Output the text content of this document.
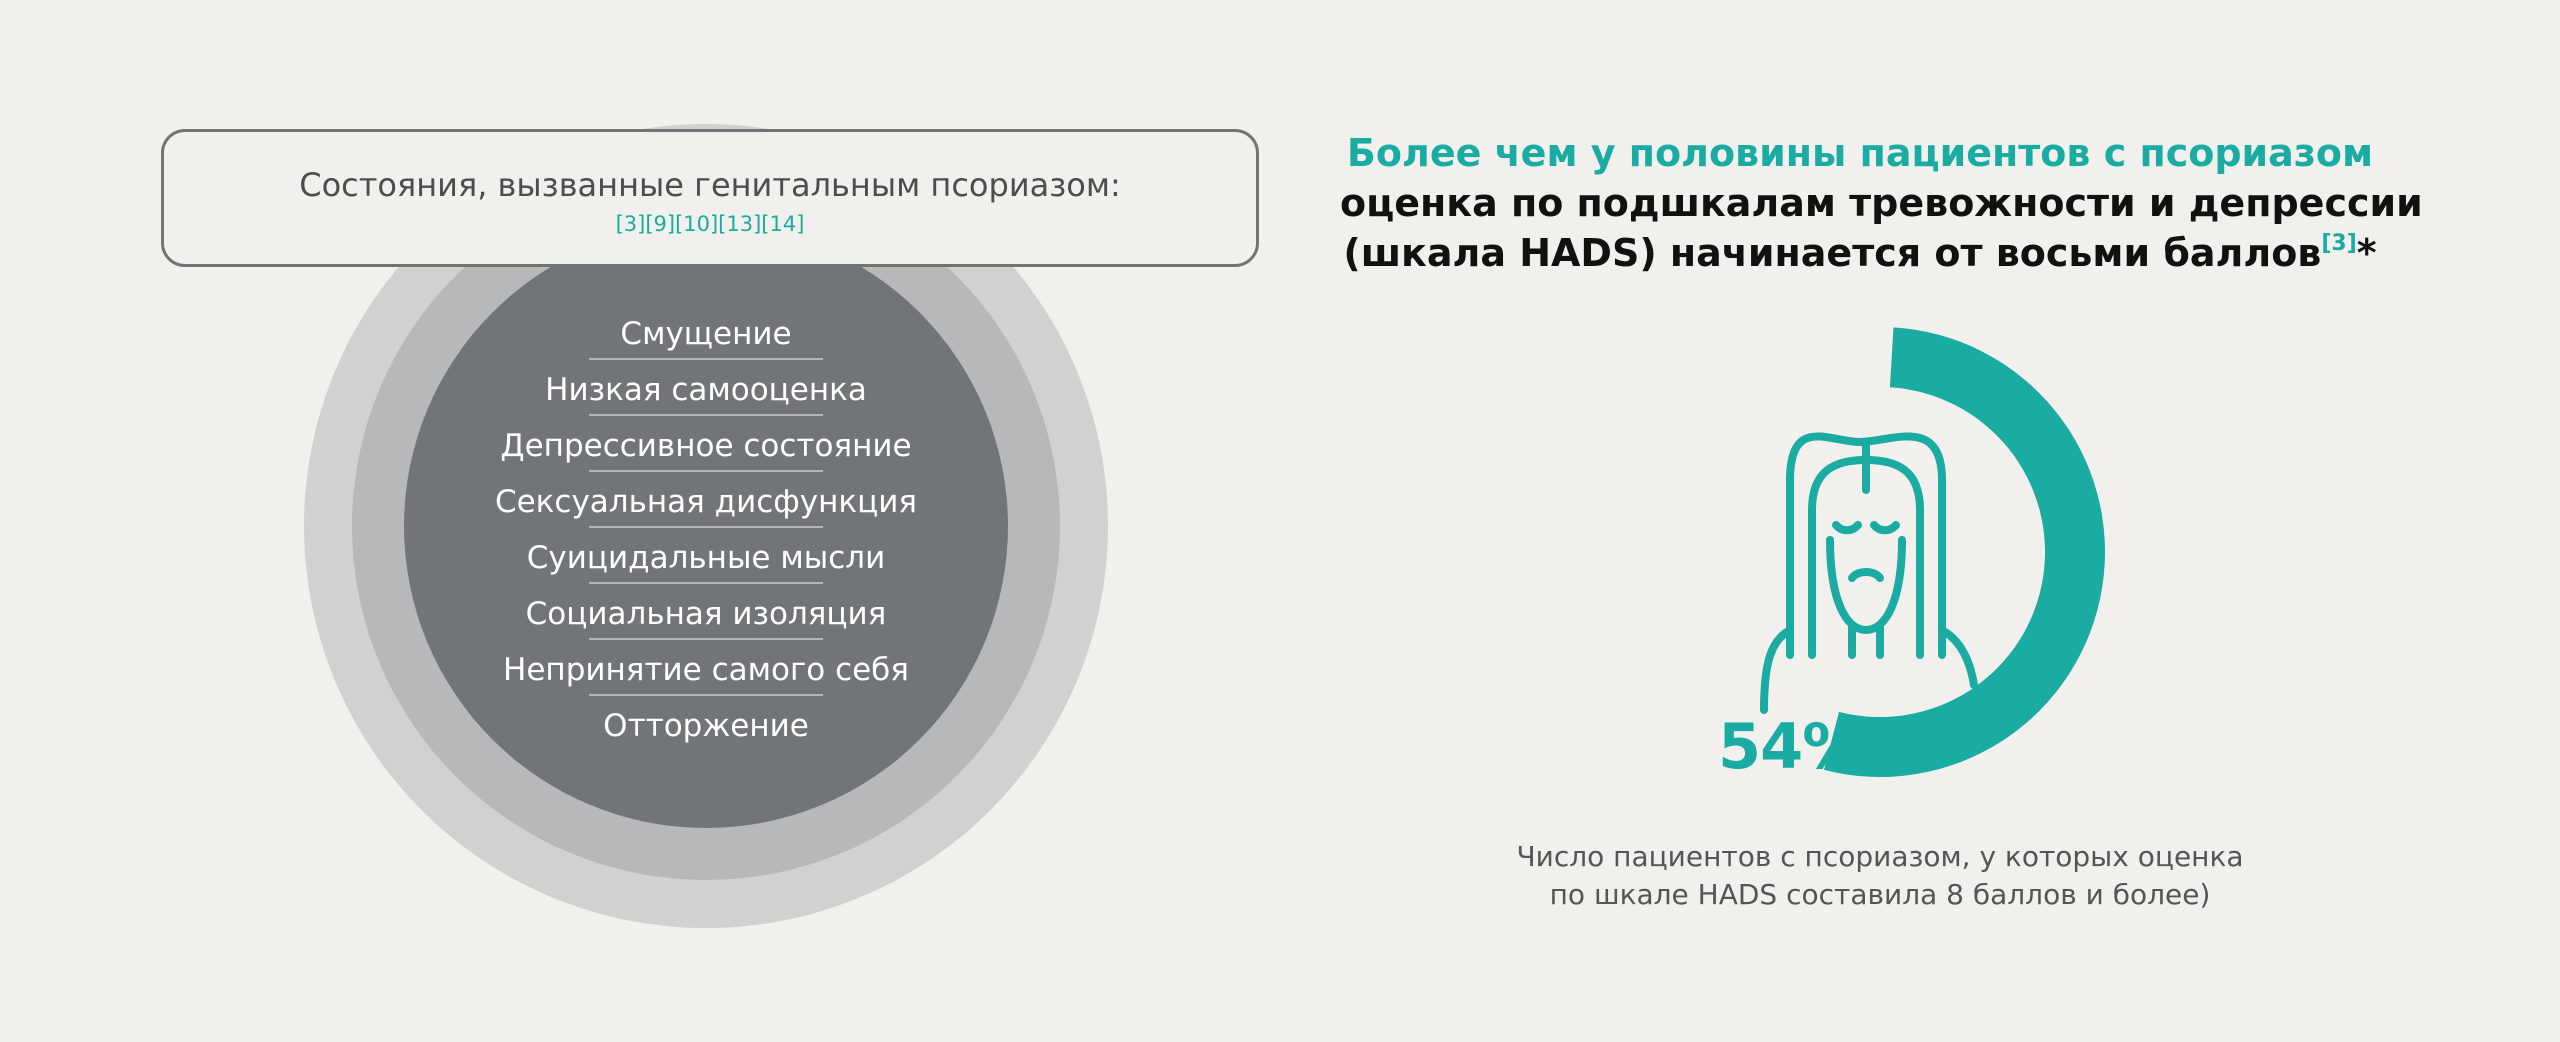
Смущение
Низкая самооценка
Депрессивное состояние
Сексуальная дисфункция
Суицидальные мысли
Социальная изоляция
Непринятие самого себя
Отторжение
Состояния, вызванные генитальным псориазом:
[3][9][10][13][14]
Более чем у половины пациентов с псориазом
оценка по подшкалам тревожности и депрессии
(шкала HADS) начинается от восьми баллов[3]*
54%
Число пациентов с псориазом, у которых оценка
по шкале HADS составила 8 баллов и более)
